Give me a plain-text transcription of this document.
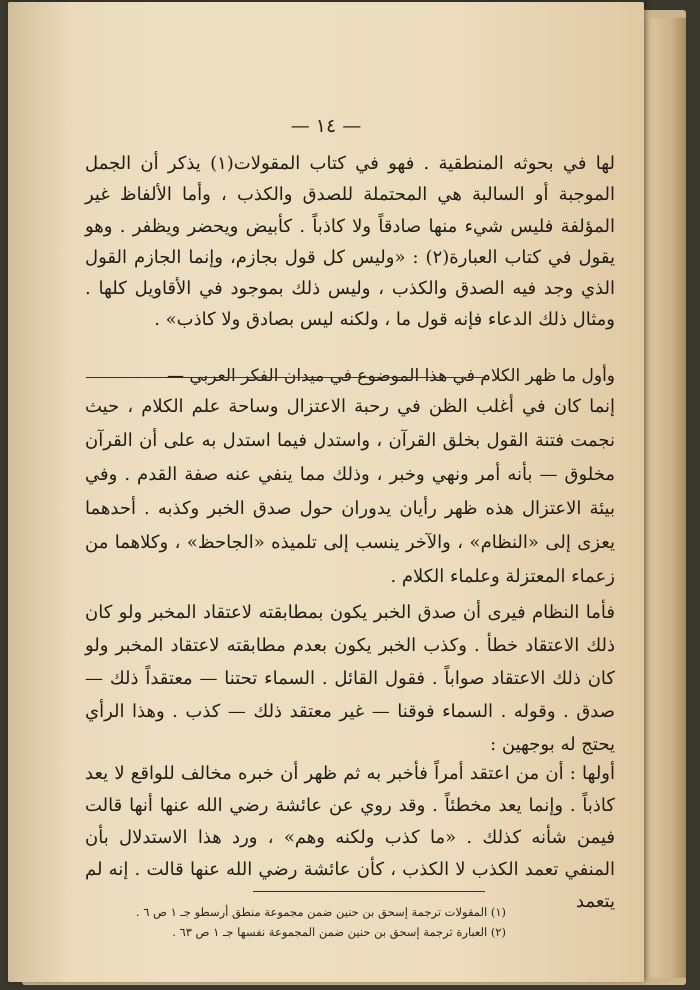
— ١٤ —

لها في بحوثه المنطقية . فهو في كتاب المقولات(١) يذكر أن الجمل الموجبة أو السالبة هي المحتملة للصدق والكذب ، وأما الألفاظ غير المؤلفة فليس شيء منها صادقاً ولا كاذباً . كأبيض ويحضر ويظفر . وهو يقول في كتاب العبارة(٢) : «وليس كل قول بجازم، وإنما الجازم القول الذي وجد فيه الصدق والكذب ، وليس ذلك بموجود في الأقاويل كلها . ومثال ذلك الدعاء فإنه قول ما ، ولكنه ليس بصادق ولا كاذب» .

وأول ما ظهر الكلام في هذا الموضوع في ميدان الفكر العربي —

إنما كان في أغلب الظن في رحبة الاعتزال وساحة علم الكلام ، حيث نجمت فتنة القول بخلق القرآن ، واستدل فيما استدل به على أن القرآن مخلوق — بأنه أمر ونهي وخبر ، وذلك مما ينفي عنه صفة القدم . وفي بيئة الاعتزال هذه ظهر رأيان يدوران حول صدق الخبر وكذبه . أحدهما يعزى إلى «النظام» ، والآخر ينسب إلى تلميذه «الجاحظ» ، وكلاهما من زعماء المعتزلة وعلماء الكلام .

فأما النظام فيرى أن صدق الخبر يكون بمطابقته لاعتقاد المخبر ولو كان ذلك الاعتقاد خطأ . وكذب الخبر يكون بعدم مطابقته لاعتقاد المخبر ولو كان ذلك الاعتقاد صواباً . فقول القائل . السماء تحتنا — معتقداً ذلك — صدق . وقوله . السماء فوقنا — غير معتقد ذلك — كذب . وهذا الرأي يحتج له بوجهين :

أولها : أن من اعتقد أمراً فأخبر به ثم ظهر أن خبره مخالف للواقع لا يعد كاذباً . وإنما يعد مخطئاً . وقد روي عن عائشة رضي الله عنها أنها قالت فيمن شأنه كذلك . «ما كذب ولكنه وهم» ، ورد هذا الاستدلال بأن المنفي تعمد الكذب لا الكذب ، كأن عائشة رضي الله عنها قالت . إنه لم يتعمد

(١) المقولات ترجمة إسحق بن حنين ضمن مجموعة منطق أرسطو جـ ١ ص ٦ .

(٢) العبارة ترجمة إسحق بن حنين ضمن المجموعة نفسها جـ ١ ص ٦٣ .
